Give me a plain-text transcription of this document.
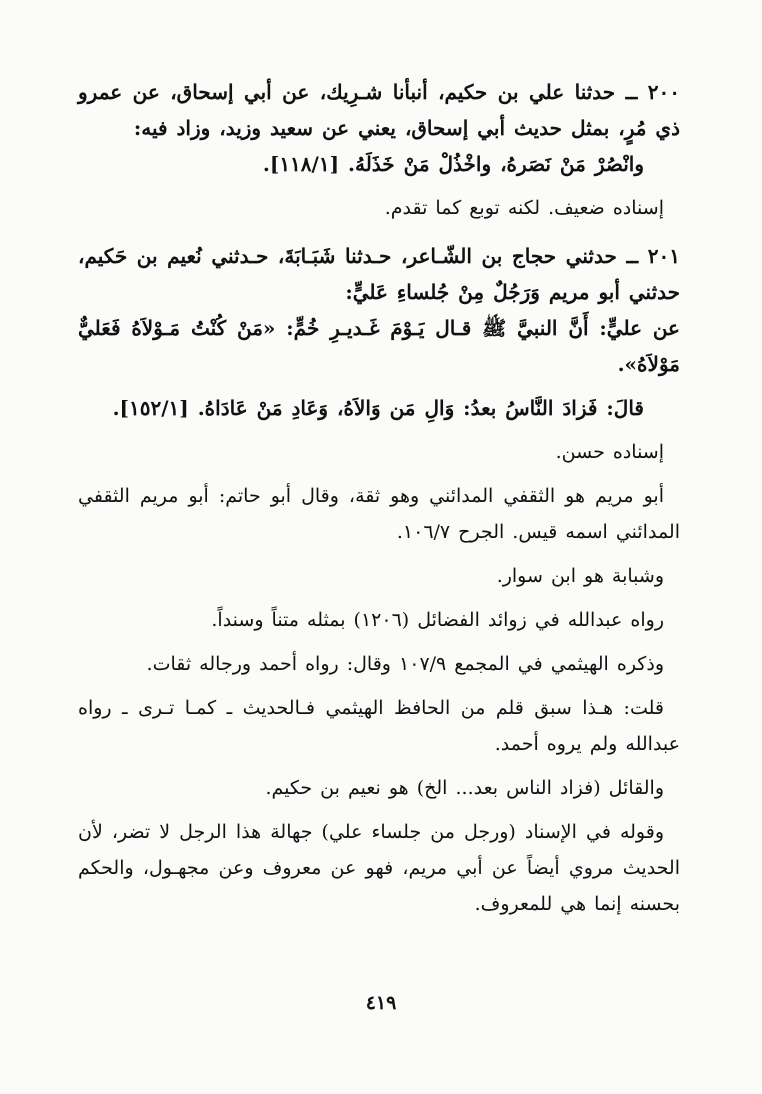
٢٠٠ ــ حدثنا علي بن حكيم، أنبأنا شـرِيك، عن أبي إسحاق، عن عمرو ذي مُرٍ، بمثل حديث أبي إسحاق، يعني عن سعيد وزيد، وزاد فيه:

وانْصُرْ مَنْ نَصَرهُ، واخْذُلْ مَنْ خَذَلَهُ. [١١٨/١].

إسناده ضعيف. لكنه توبع كما تقدم.

٢٠١ ــ حدثني حجاج بن الشّـاعر، حـدثنا شَبَـابَةَ، حـدثني نُعيم بن حَكيم، حدثني أبو مريم وَرَجُلٌ مِنْ جُلساءِ عَليٍّ:

عن عليٍّ: أَنَّ النبيَّ ﷺ قـال يَـوْمَ غَـديـرِ خُمٍّ: «مَنْ كُنْتُ مَـوْلاَهُ فَعَليٌّ مَوْلاَهُ».

قالَ: فَزادَ النَّاسُ بعدُ: وَالِ مَن وَالاَهُ، وَعَادِ مَنْ عَادَاهُ. [١٥٢/١].

إسناده حسن.

أبو مريم هو الثقفي المدائني وهو ثقة، وقال أبو حاتم: أبو مريم الثقفي المدائني اسمه قيس. الجرح ١٠٦/٧.

وشبابة هو ابن سوار.

رواه عبدالله في زوائد الفضائل (١٢٠٦) بمثله متناً وسنداً.

وذكره الهيثمي في المجمع ١٠٧/٩ وقال: رواه أحمد ورجاله ثقات.

قلت: هـذا سبق قلم من الحافظ الهيثمي فـالحديث ـ كمـا تـرى ـ رواه عبدالله ولم يروه أحمد.

والقائل (فزاد الناس بعد... الخ) هو نعيم بن حكيم.

وقوله في الإسناد (ورجل من جلساء علي) جهالة هذا الرجل لا تضر، لأن الحديث مروي أيضاً عن أبي مريم، فهو عن معروف وعن مجهـول، والحكم بحسنه إنما هي للمعروف.

٤١٩
